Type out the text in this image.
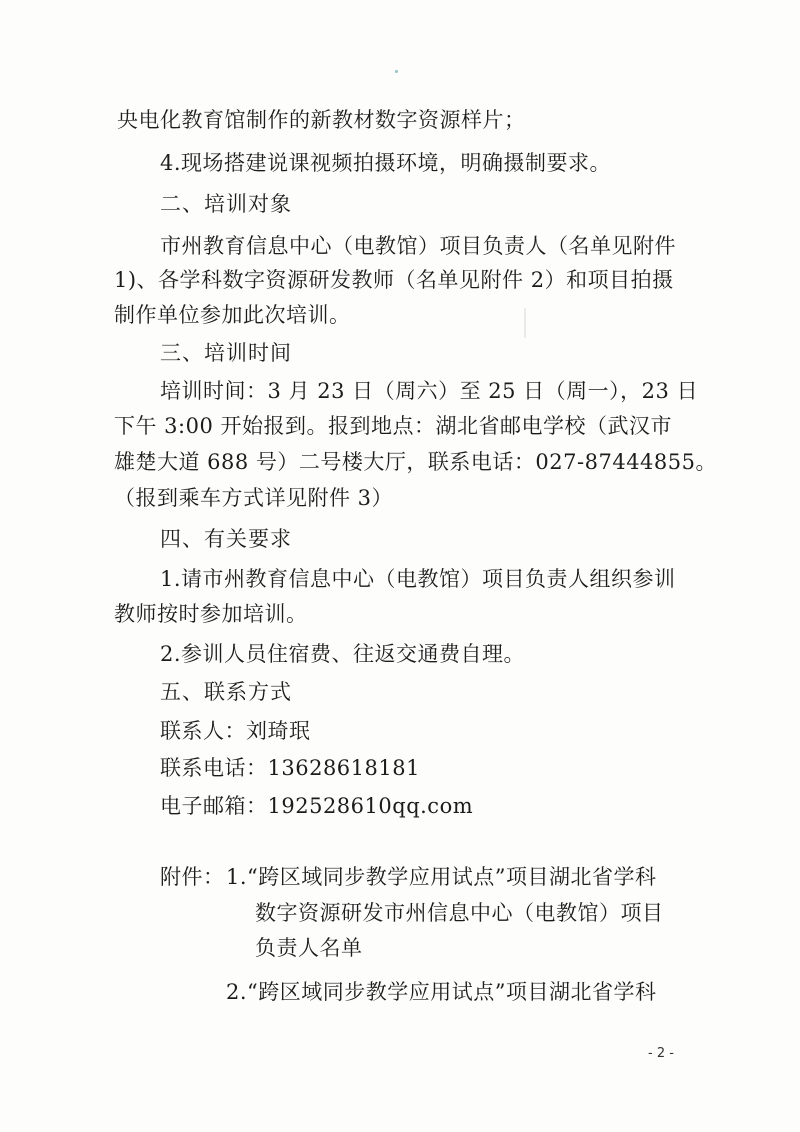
央电化教育馆制作的新教材数字资源样片；
4.现场搭建说课视频拍摄环境，明确摄制要求。
二、培训对象
市州教育信息中心（电教馆）项目负责人（名单见附件
1)、各学科数字资源研发教师（名单见附件 2）和项目拍摄
制作单位参加此次培训。
三、培训时间
培训时间：3 月 23 日（周六）至 25 日（周一），23 日
下午 3:00 开始报到。报到地点：湖北省邮电学校（武汉市
雄楚大道 688 号）二号楼大厅，联系电话：027-87444855。
（报到乘车方式详见附件 3）
四、有关要求
1.请市州教育信息中心（电教馆）项目负责人组织参训
教师按时参加培训。
2.参训人员住宿费、往返交通费自理。
五、联系方式
联系人：刘琦珉
联系电话：13628618181
电子邮箱：192528610qq.com
附件： 1.“跨区域同步教学应用试点”项目湖北省学科
数字资源研发市州信息中心（电教馆）项目
负责人名单
2.“跨区域同步教学应用试点”项目湖北省学科
- 2 -
